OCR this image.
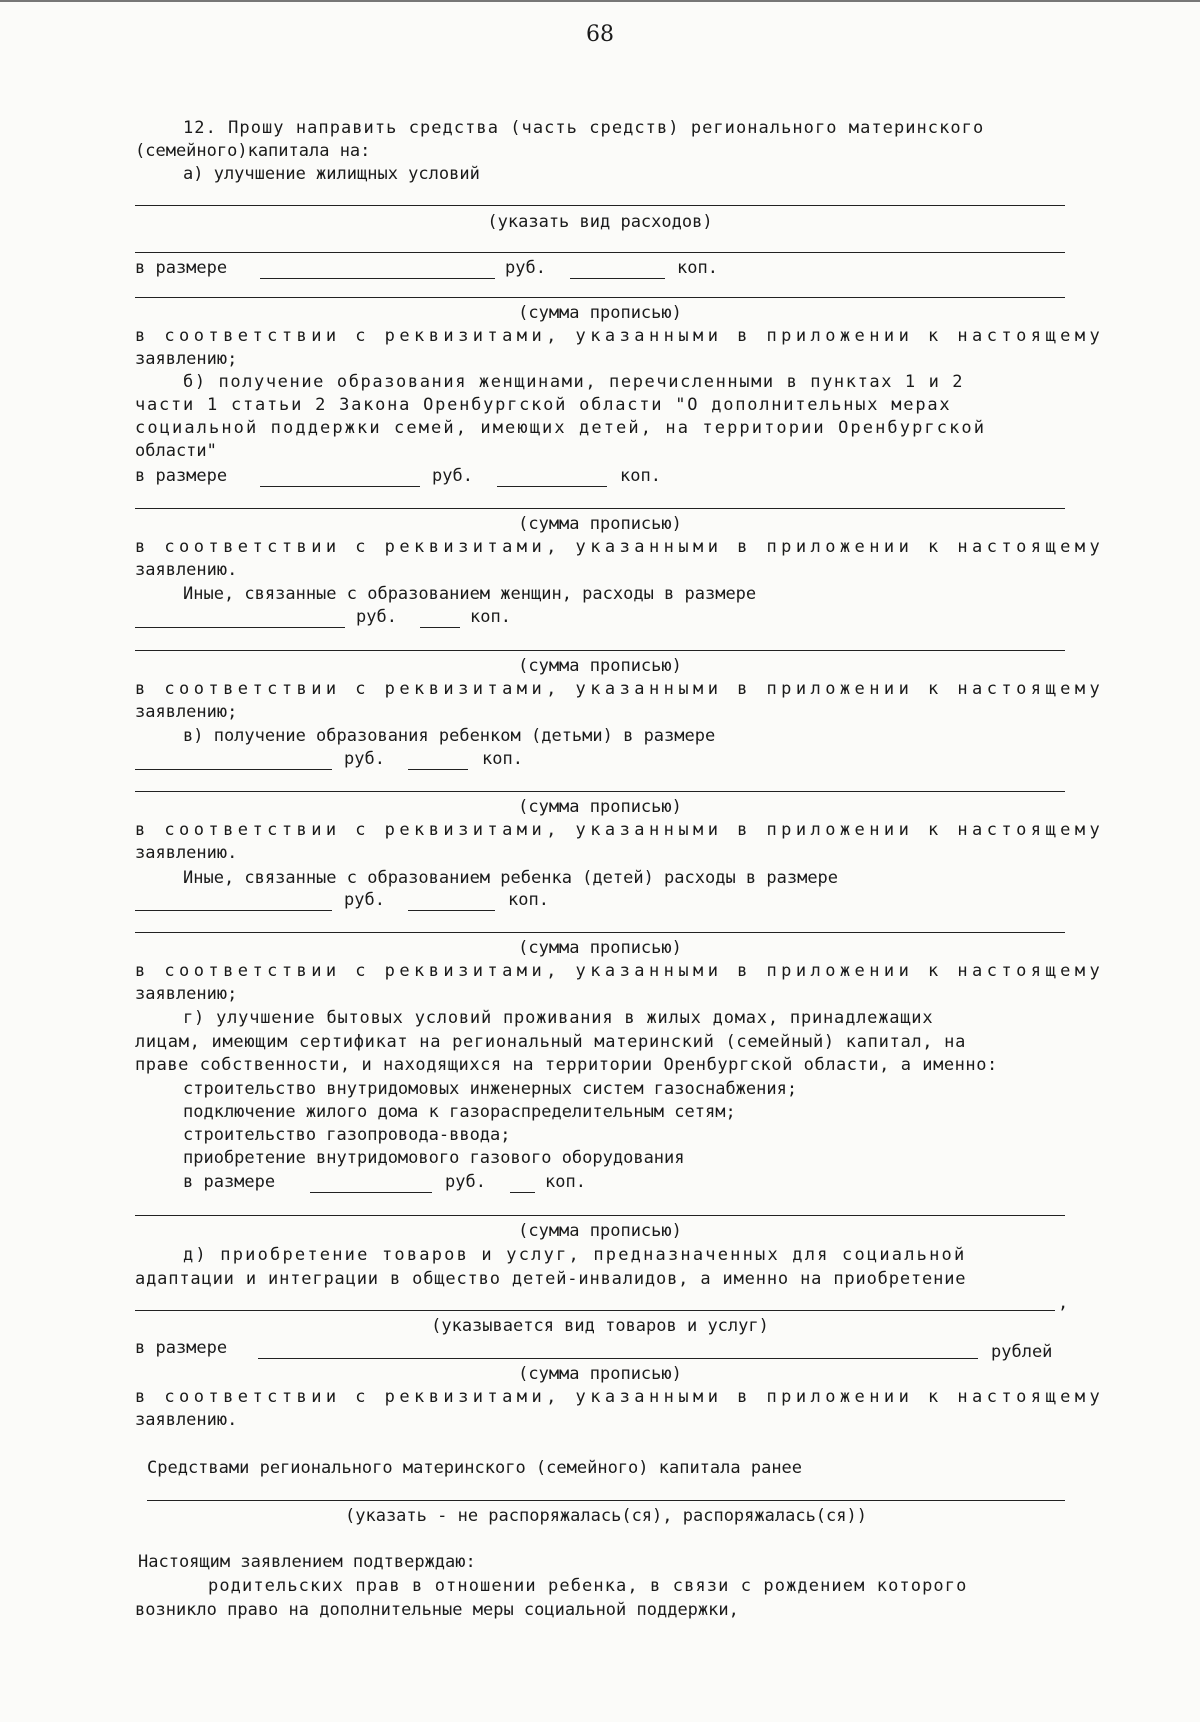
68
12. Прошу направить средства (часть средств) регионального материнского
(семейного)капитала на:
а) улучшение жилищных условий
(указать вид расходов)
в размере	руб.	коп.
(сумма прописью)
в соответствии с реквизитами, указанными в приложении к настоящему
заявлению;
б) получение образования женщинами, перечисленными в пунктах 1 и 2
части 1 статьи 2 Закона Оренбургской области "О дополнительных мерах
социальной поддержки семей, имеющих детей, на территории Оренбургской
области"
в размере	руб.	коп.
(сумма прописью)
в соответствии с реквизитами, указанными в приложении к настоящему
заявлению.
Иные, связанные с образованием женщин, расходы в размере
руб.	коп.
(сумма прописью)
в соответствии с реквизитами, указанными в приложении к настоящему
заявлению;
в) получение образования ребенком (детьми) в размере
руб.	коп.
(сумма прописью)
в соответствии с реквизитами, указанными в приложении к настоящему
заявлению.
Иные, связанные с образованием ребенка (детей) расходы в размере
руб.	коп.
(сумма прописью)
в соответствии с реквизитами, указанными в приложении к настоящему
заявлению;
г) улучшение бытовых условий проживания в жилых домах, принадлежащих
лицам, имеющим сертификат на региональный материнский (семейный) капитал, на
праве собственности, и находящихся на территории Оренбургской области, а именно:
строительство внутридомовых инженерных систем газоснабжения;
подключение жилого дома к газораспределительным сетям;
строительство газопровода-ввода;
приобретение внутридомового газового оборудования
в размере	руб.	коп.
(сумма прописью)
д) приобретение товаров и услуг, предназначенных для социальной
адаптации и интеграции в общество детей-инвалидов, а именно на приобретение
,
(указывается вид товаров и услуг)
в размере	рублей
(сумма прописью)
в соответствии с реквизитами, указанными в приложении к настоящему
заявлению.
Средствами регионального материнского (семейного) капитала ранее
(указать - не распоряжалась(ся), распоряжалась(ся))
Настоящим заявлением подтверждаю:
родительских прав в отношении ребенка, в связи с рождением которого
возникло право на дополнительные меры социальной поддержки,
